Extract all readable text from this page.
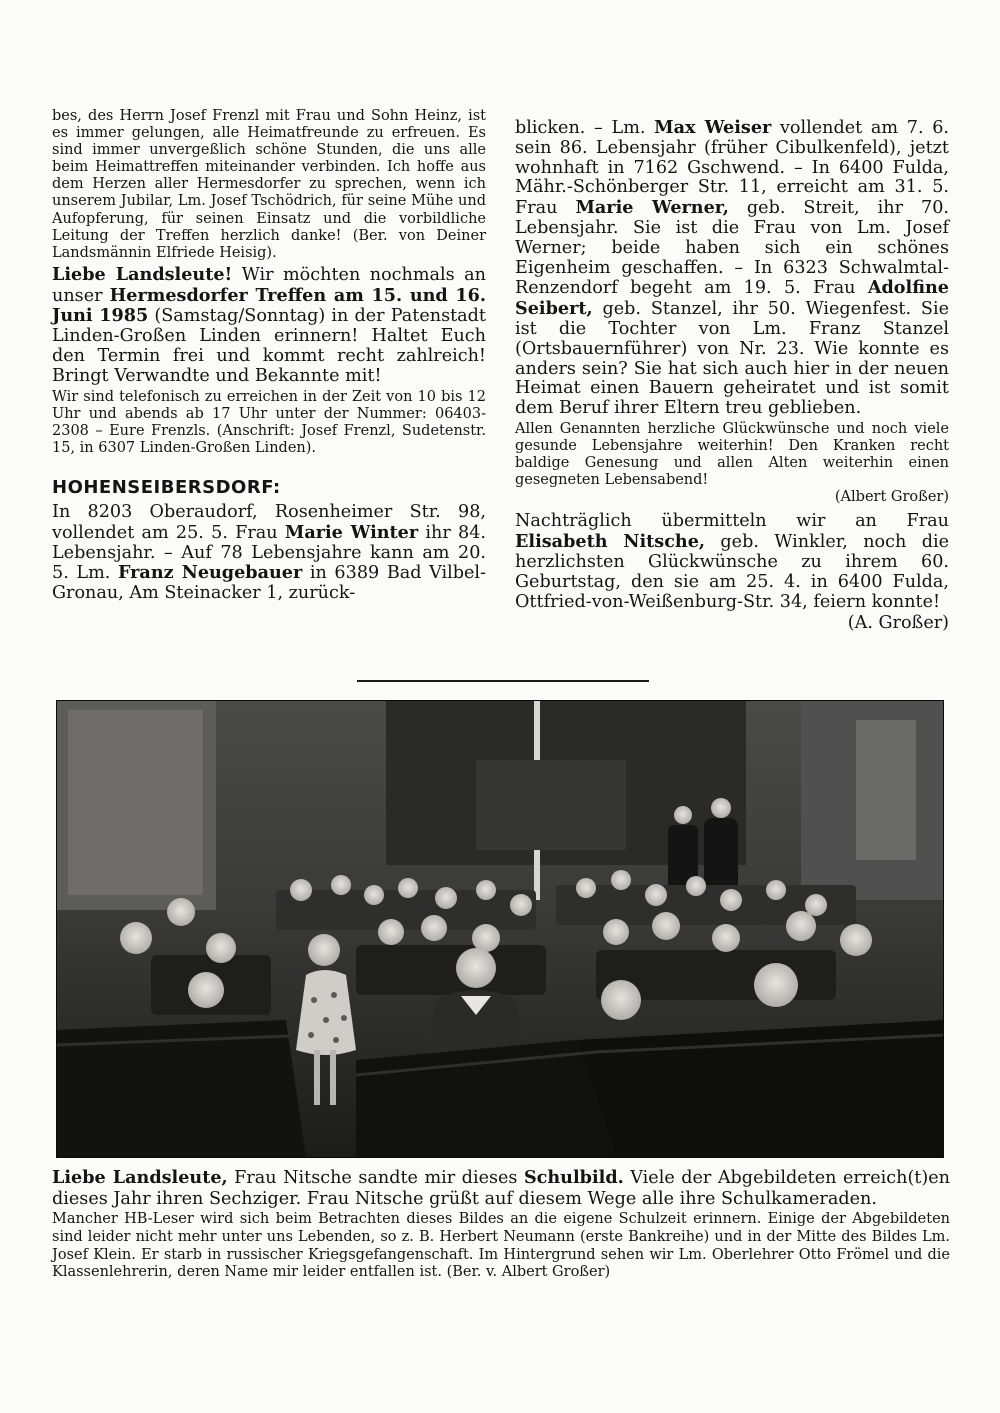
bes, des Herrn Josef Frenzl mit Frau und Sohn Heinz, ist es immer gelungen, alle Heimatfreunde zu erfreuen. Es sind immer unvergeßlich schöne Stunden, die uns alle beim Heimattreffen miteinander verbinden. Ich hoffe aus dem Herzen aller Hermesdorfer zu sprechen, wenn ich unserem Jubilar, Lm. Josef Tschödrich, für seine Mühe und Aufopferung, für seinen Einsatz und die vorbildliche Leitung der Treffen herzlich danke! (Ber. von Deiner Landsmännin Elfriede Heisig).

Liebe Landsleute! Wir möchten nochmals an unser Hermesdorfer Treffen am 15. und 16. Juni 1985 (Samstag/Sonntag) in der Patenstadt Linden-Großen Linden erinnern! Haltet Euch den Termin frei und kommt recht zahlreich! Bringt Verwandte und Bekannte mit!

Wir sind telefonisch zu erreichen in der Zeit von 10 bis 12 Uhr und abends ab 17 Uhr unter der Nummer: 06403-2308 – Eure Frenzls. (Anschrift: Josef Frenzl, Sudetenstr. 15, in 6307 Linden-Großen Linden).

HOHENSEIBERSDORF:

In 8203 Oberaudorf, Rosenheimer Str. 98, vollendet am 25. 5. Frau Marie Winter ihr 84. Lebensjahr. – Auf 78 Lebensjahre kann am 20. 5. Lm. Franz Neugebauer in 6389 Bad Vilbel-Gronau, Am Steinacker 1, zurück-

blicken. – Lm. Max Weiser vollendet am 7. 6. sein 86. Lebensjahr (früher Cibulkenfeld), jetzt wohnhaft in 7162 Gschwend. – In 6400 Fulda, Mähr.-Schönberger Str. 11, erreicht am 31. 5. Frau Marie Werner, geb. Streit, ihr 70. Lebensjahr. Sie ist die Frau von Lm. Josef Werner; beide haben sich ein schönes Eigenheim geschaffen. – In 6323 Schwalmtal-Renzendorf begeht am 19. 5. Frau Adolfine Seibert, geb. Stanzel, ihr 50. Wiegenfest. Sie ist die Tochter von Lm. Franz Stanzel (Ortsbauernführer) von Nr. 23. Wie konnte es anders sein? Sie hat sich auch hier in der neuen Heimat einen Bauern geheiratet und ist somit dem Beruf ihrer Eltern treu geblieben.

Allen Genannten herzliche Glückwünsche und noch viele gesunde Lebensjahre weiterhin! Den Kranken recht baldige Genesung und allen Alten weiterhin einen gesegneten Lebensabend!

(Albert Großer)

Nachträglich übermitteln wir an Frau Elisabeth Nitsche, geb. Winkler, noch die herzlichsten Glückwünsche zu ihrem 60. Geburtstag, den sie am 25. 4. in 6400 Fulda, Ottfried-von-Weißenburg-Str. 34, feiern konnte!

(A. Großer)

Liebe Landsleute, Frau Nitsche sandte mir dieses Schulbild. Viele der Abgebildeten erreich(t)en dieses Jahr ihren Sechziger. Frau Nitsche grüßt auf diesem Wege alle ihre Schulkameraden.

Mancher HB-Leser wird sich beim Betrachten dieses Bildes an die eigene Schulzeit erinnern. Einige der Abgebildeten sind leider nicht mehr unter uns Lebenden, so z. B. Herbert Neumann (erste Bankreihe) und in der Mitte des Bildes Lm. Josef Klein. Er starb in russischer Kriegsgefangenschaft. Im Hintergrund sehen wir Lm. Oberlehrer Otto Frömel und die Klassenlehrerin, deren Name mir leider entfallen ist. (Ber. v. Albert Großer)
